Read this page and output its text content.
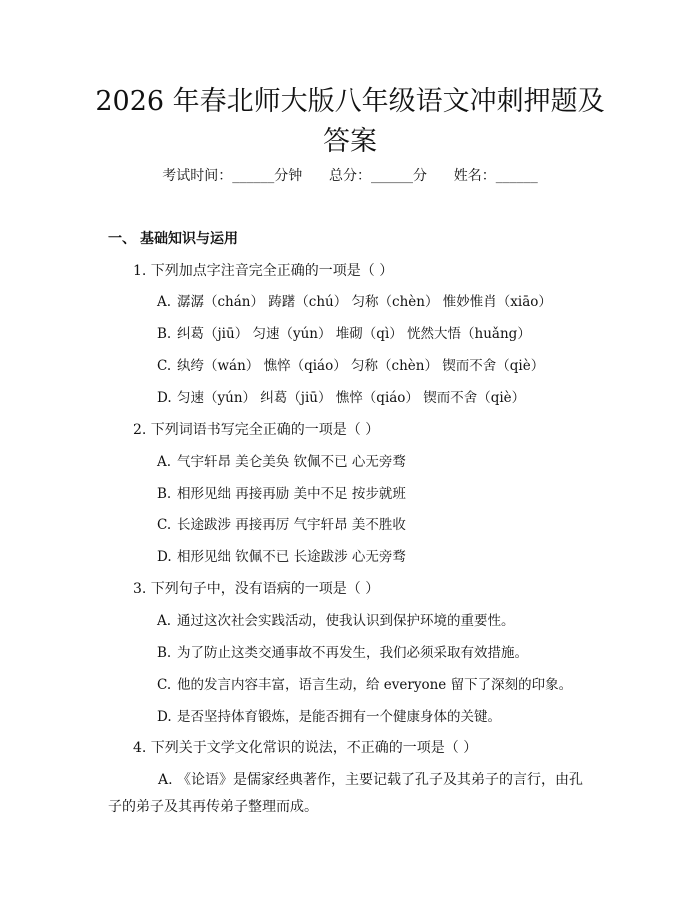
2026 年春北师大版八年级语文冲刺押题及答案
考试时间：______分钟      总分：______分      姓名：______
一、 基础知识与运用
1. 下列加点字注音完全正确的一项是（ ）
A. 潺潺（chán） 踌躇（chú） 匀称（chèn） 惟妙惟肖（xiāo）
B. 纠葛（jiū） 匀速（yún） 堆砌（qì） 恍然大悟（huǎng）
C. 纨绔（wán） 憔悴（qiáo） 匀称（chèn） 锲而不舍（qiè）
D. 匀速（yún） 纠葛（jiū） 憔悴（qiáo） 锲而不舍（qiè）
2. 下列词语书写完全正确的一项是（ ）
A. 气宇轩昂 美仑美奂 钦佩不已 心无旁骛
B. 相形见绌 再接再励 美中不足 按步就班
C. 长途跋涉 再接再厉 气宇轩昂 美不胜收
D. 相形见绌 钦佩不已 长途跋涉 心无旁骛
3. 下列句子中，没有语病的一项是（ ）
A. 通过这次社会实践活动，使我认识到保护环境的重要性。
B. 为了防止这类交通事故不再发生，我们必须采取有效措施。
C. 他的发言内容丰富，语言生动，给 everyone 留下了深刻的印象。
D. 是否坚持体育锻炼，是能否拥有一个健康身体的关键。
4. 下列关于文学文化常识的说法，不正确的一项是（ ）
A. 《论语》是儒家经典著作，主要记载了孔子及其弟子的言行，由孔子的弟子及其再传弟子整理而成。
